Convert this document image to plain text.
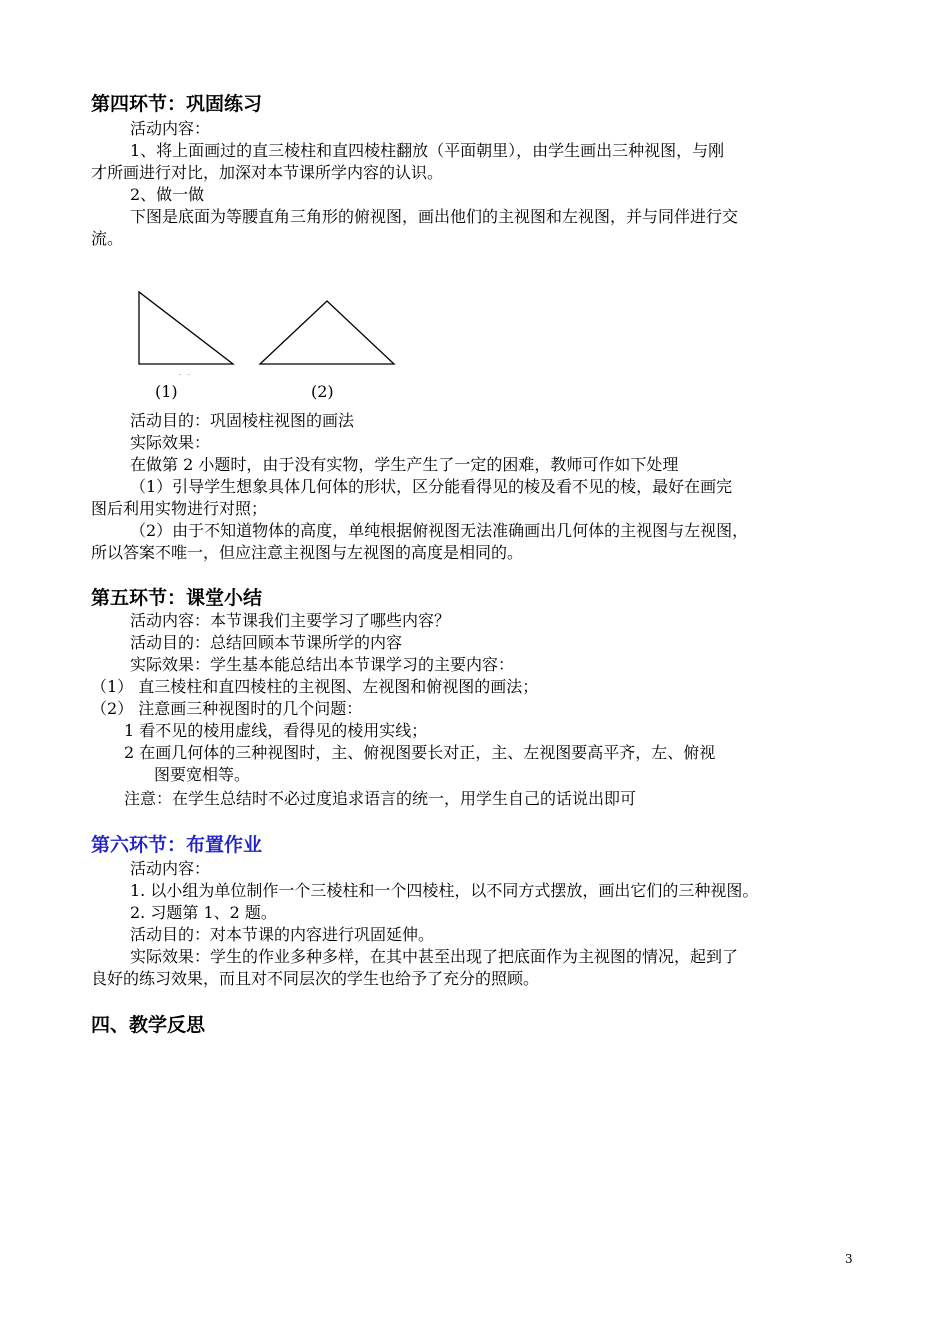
第四环节：巩固练习
活动内容：
1、将上面画过的直三棱柱和直四棱柱翻放（平面朝里），由学生画出三种视图，与刚
才所画进行对比，加深对本节课所学内容的认识。
2、做一做
下图是底面为等腰直角三角形的俯视图，画出他们的主视图和左视图，并与同伴进行交
流。
. .
(1)	(2)
活动目的：巩固棱柱视图的画法
实际效果：
在做第 2 小题时，由于没有实物，学生产生了一定的困难，教师可作如下处理
（1）引导学生想象具体几何体的形状，区分能看得见的棱及看不见的棱，最好在画完
图后利用实物进行对照；
（2）由于不知道物体的高度，单纯根据俯视图无法准确画出几何体的主视图与左视图，
所以答案不唯一，但应注意主视图与左视图的高度是相同的。
第五环节：课堂小结
活动内容：本节课我们主要学习了哪些内容？
活动目的：总结回顾本节课所学的内容
实际效果：学生基本能总结出本节课学习的主要内容：
（1） 直三棱柱和直四棱柱的主视图、左视图和俯视图的画法；
（2） 注意画三种视图时的几个问题：
1 看不见的棱用虚线，看得见的棱用实线；
2 在画几何体的三种视图时，主、俯视图要长对正，主、左视图要高平齐，左、俯视
图要宽相等。
注意：在学生总结时不必过度追求语言的统一，用学生自己的话说出即可
第六环节：布置作业
活动内容：
1. 以小组为单位制作一个三棱柱和一个四棱柱，以不同方式摆放，画出它们的三种视图。
2. 习题第 1、2 题。
活动目的：对本节课的内容进行巩固延伸。
实际效果：学生的作业多种多样，在其中甚至出现了把底面作为主视图的情况，起到了
良好的练习效果，而且对不同层次的学生也给予了充分的照顾。
四、教学反思
3
